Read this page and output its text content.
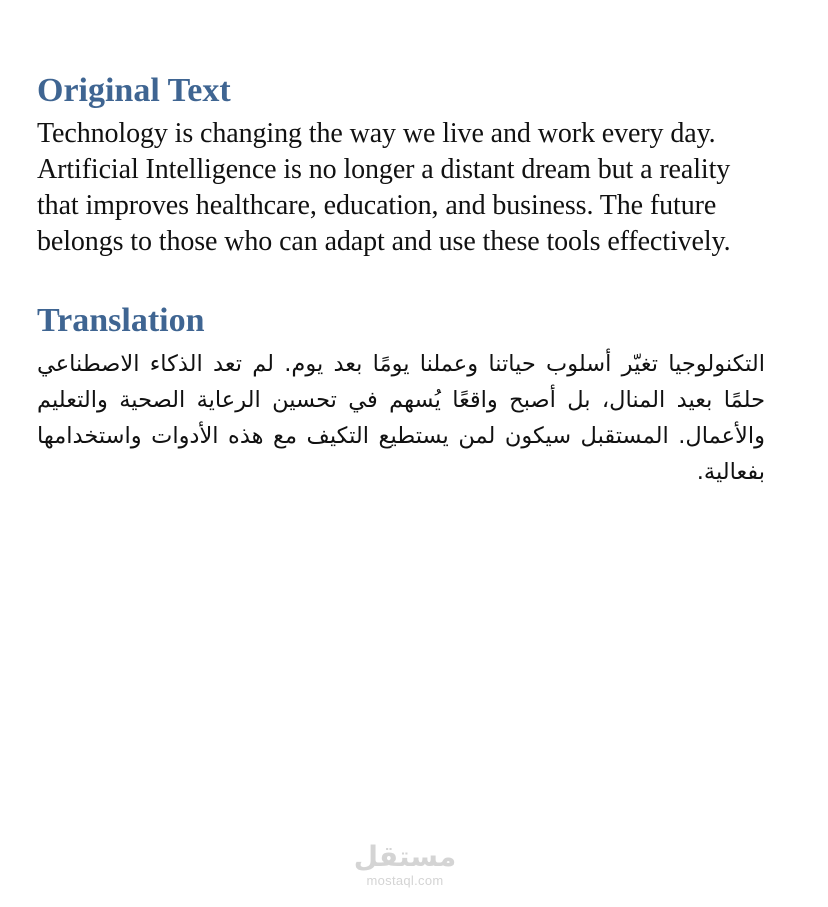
Original Text

Technology is changing the way we live and work every day. Artificial Intelligence is no longer a distant dream but a reality that improves healthcare, education, and business. The future belongs to those who can adapt and use these tools effectively.

Translation

التكنولوجيا تغيّر أسلوب حياتنا وعملنا يومًا بعد يوم. لم تعد الذكاء الاصطناعي حلمًا بعيد المنال، بل أصبح واقعًا يُسهم في تحسين الرعاية الصحية والتعليم والأعمال. المستقبل سيكون لمن يستطيع التكيف مع هذه الأدوات واستخدامها بفعالية.

مستقل
mostaql.com
